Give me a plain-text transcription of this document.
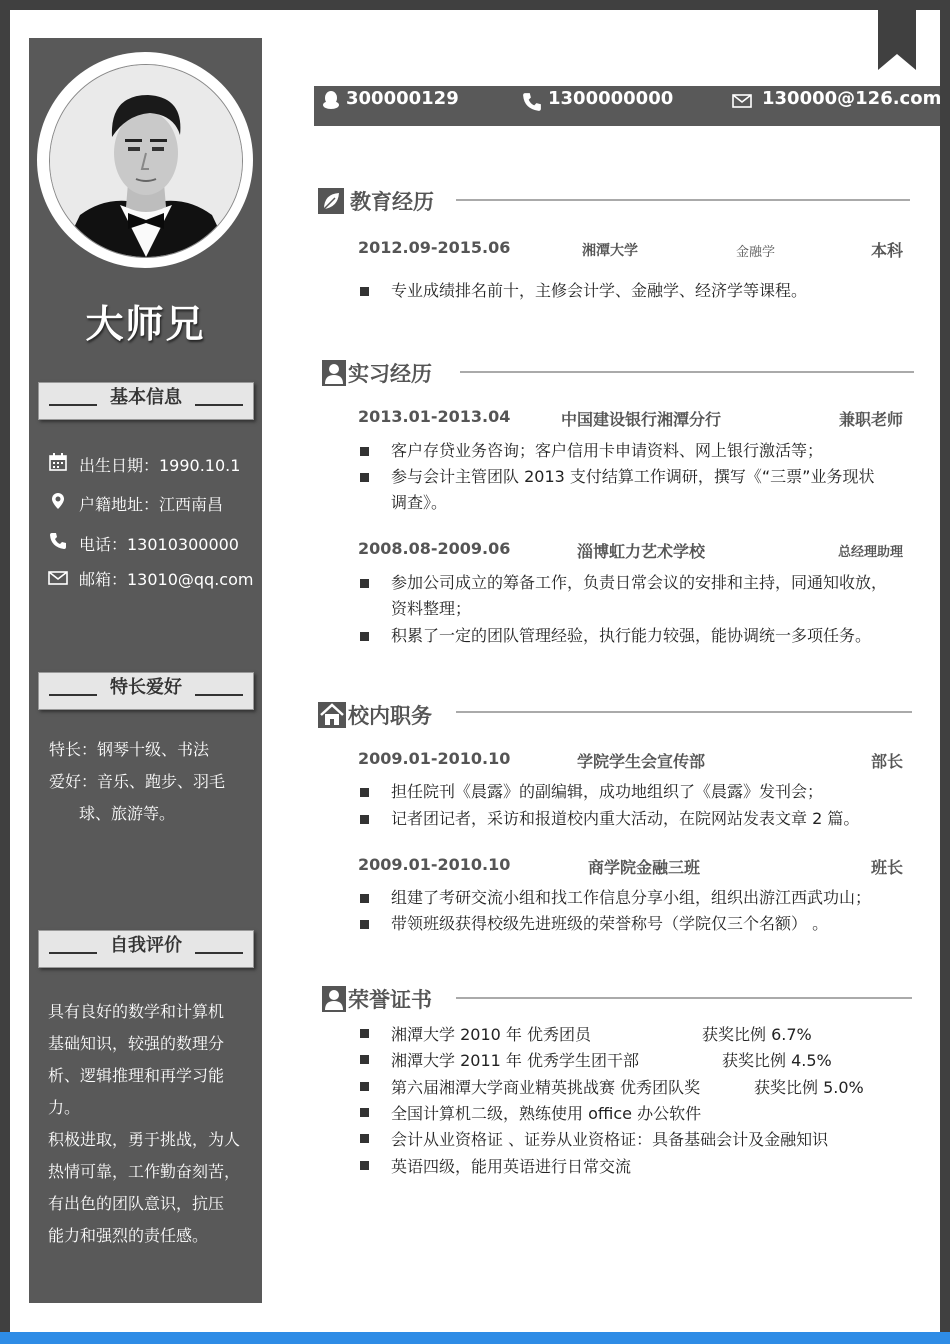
大师兄
基本信息
出生日期：1990.10.1
户籍地址：江西南昌
电话：13010300000
邮箱：13010@qq.com
特长爱好
特长：钢琴十级、书法
爱好：音乐、跑步、羽毛
球、旅游等。
自我评价
具有良好的数学和计算机
基础知识，较强的数理分
析、逻辑推理和再学习能
力。
积极进取，勇于挑战，为人
热情可靠，工作勤奋刻苦，
有出色的团队意识，抗压
能力和强烈的责任感。
300000129	1300000000	130000@126.com
教育经历
2012.09-2015.06	湘潭大学	金融学	本科
专业成绩排名前十，主修会计学、金融学、经济学等课程。
实习经历
2013.01-2013.04	中国建设银行湘潭分行	兼职老师
客户存贷业务咨询；客户信用卡申请资料、网上银行激活等；
参与会计主管团队 2013 支付结算工作调研，撰写《“三票”业务现状
调查》。
2008.08-2009.06	淄博虹力艺术学校	总经理助理
参加公司成立的筹备工作，负责日常会议的安排和主持，同通知收放，
资料整理；
积累了一定的团队管理经验，执行能力较强，能协调统一多项任务。
校内职务
2009.01-2010.10	学院学生会宣传部	部长
担任院刊《晨露》的副编辑，成功地组织了《晨露》发刊会；
记者团记者，采访和报道校内重大活动，在院网站发表文章 2 篇。
2009.01-2010.10	商学院金融三班	班长
组建了考研交流小组和找工作信息分享小组，组织出游江西武功山；
带领班级获得校级先进班级的荣誉称号（学院仅三个名额） 。
荣誉证书
湘潭大学 2010 年 优秀团员	获奖比例 6.7%
湘潭大学 2011 年 优秀学生团干部	获奖比例 4.5%
第六届湘潭大学商业精英挑战赛 优秀团队奖	获奖比例 5.0%
全国计算机二级，熟练使用 office 办公软件
会计从业资格证 、证券从业资格证：具备基础会计及金融知识
英语四级，能用英语进行日常交流
